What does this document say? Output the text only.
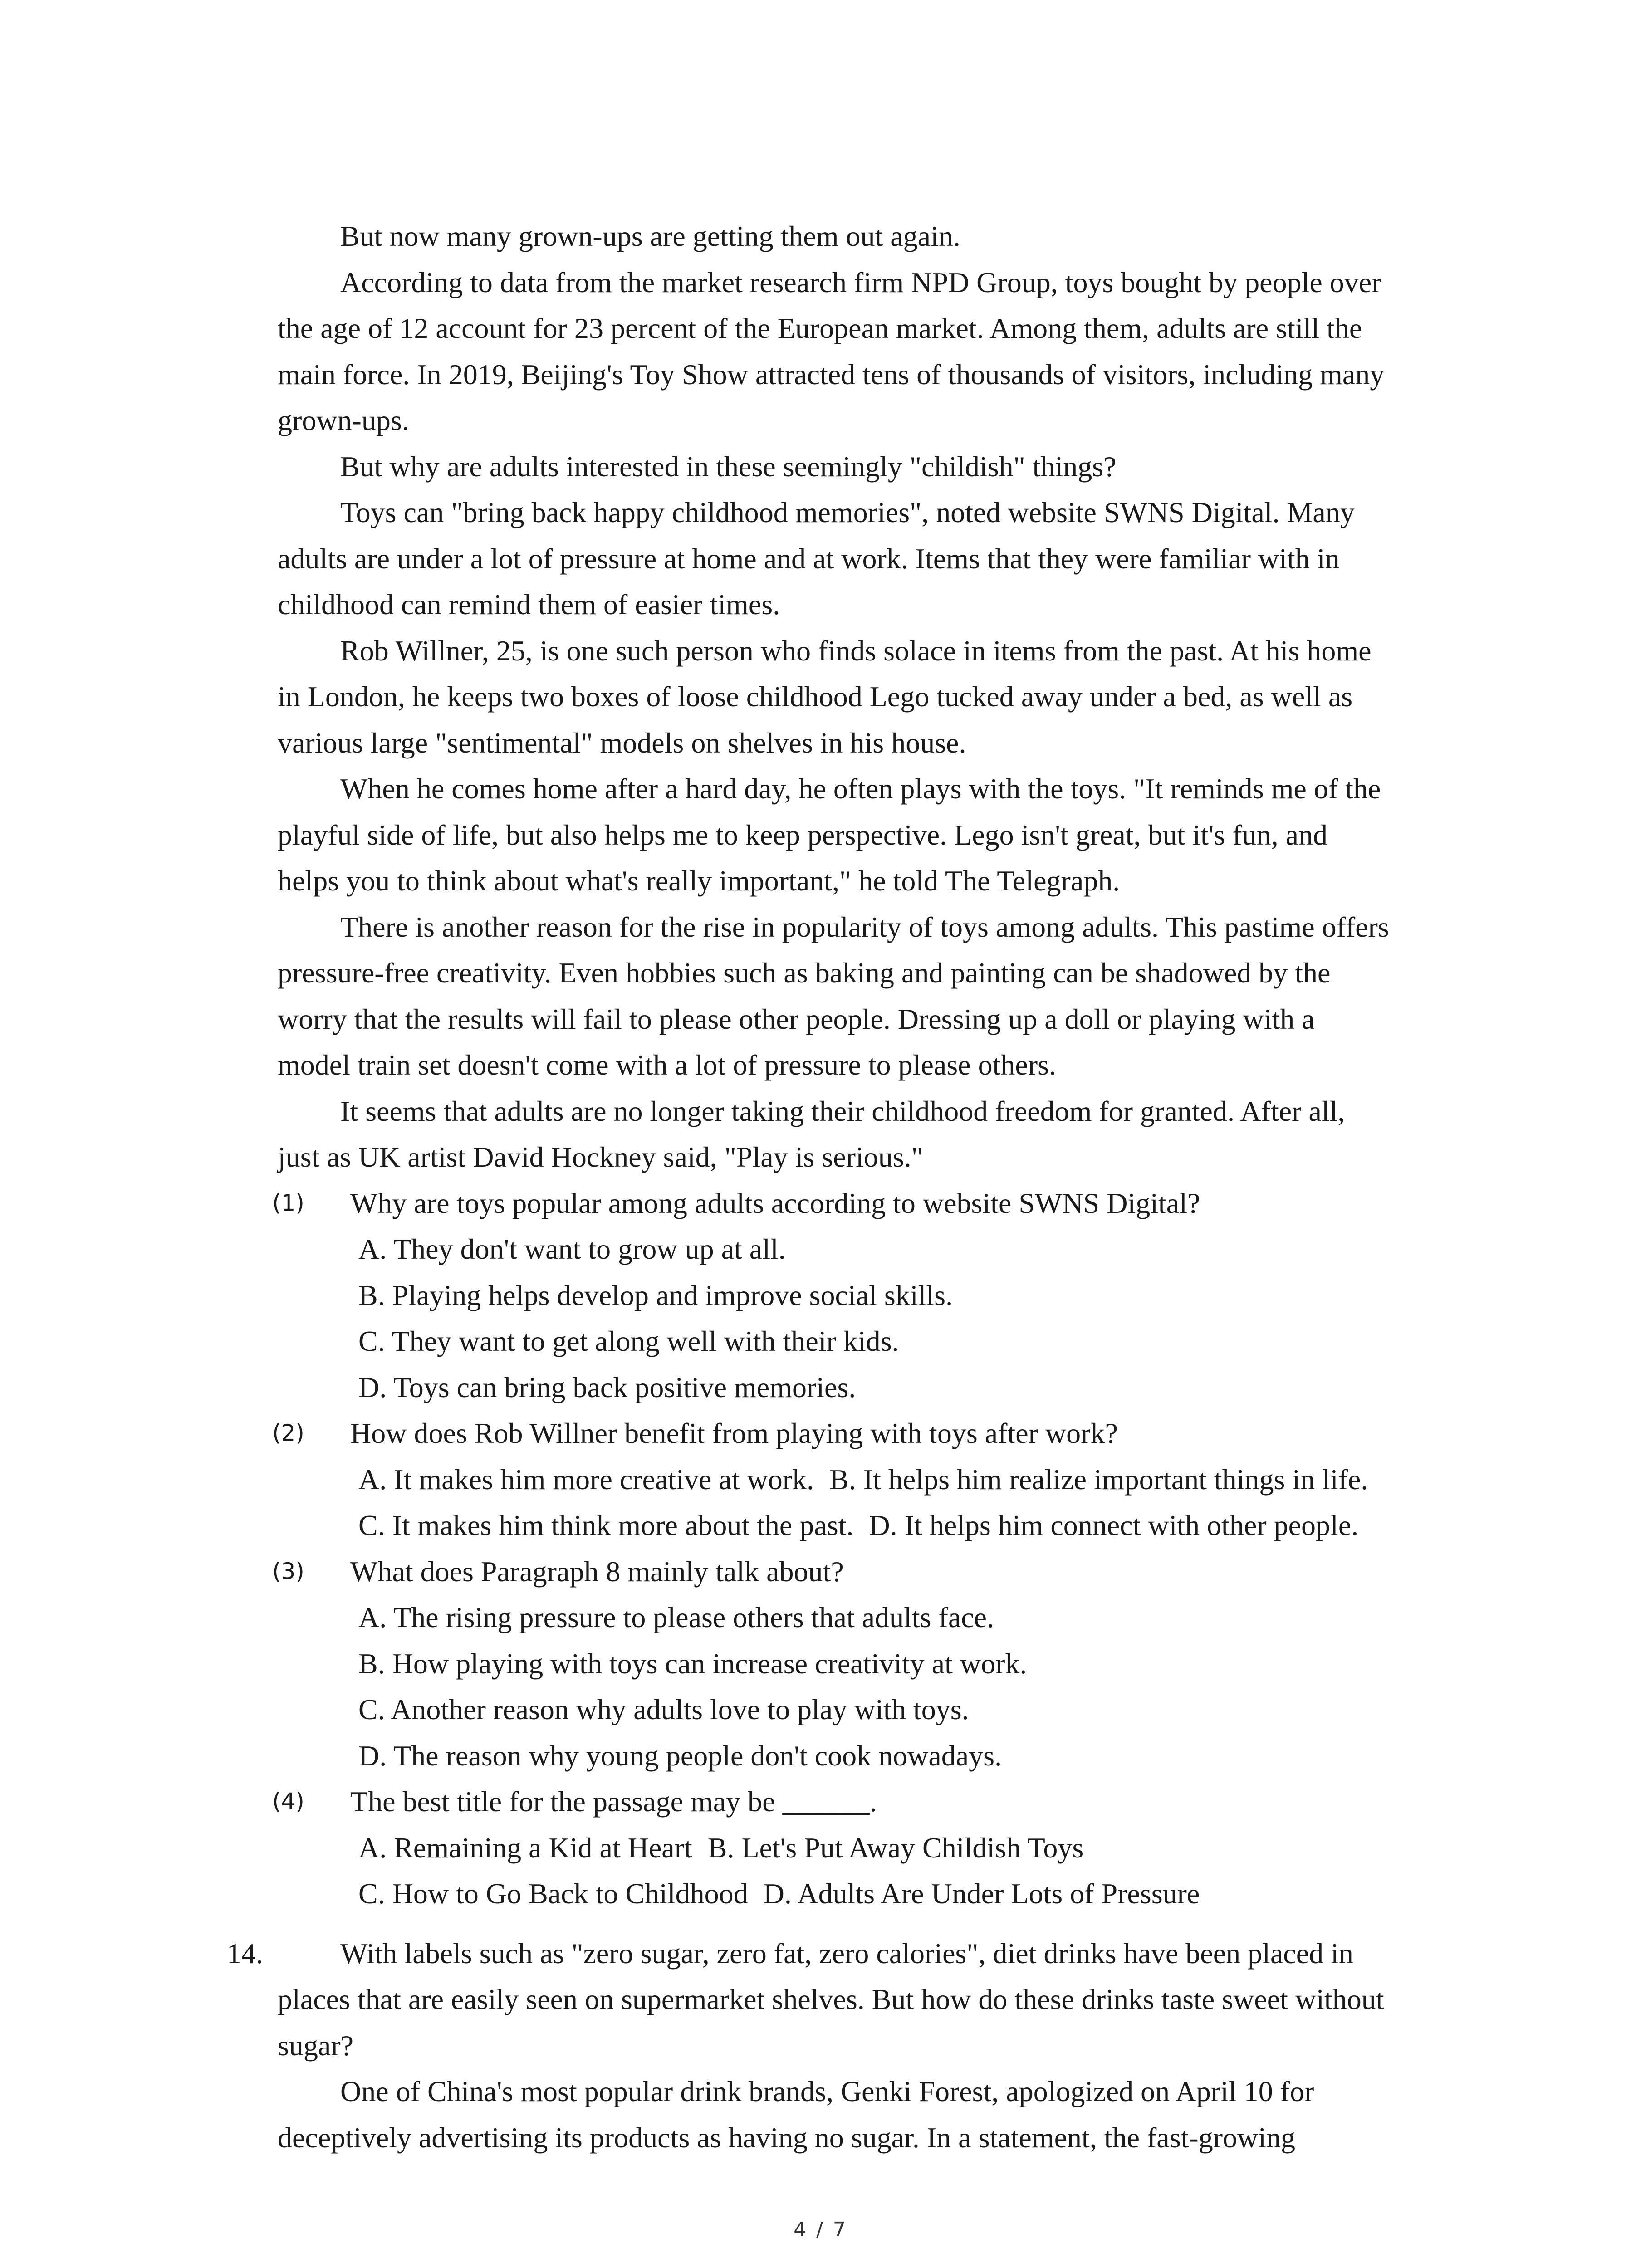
But now many grown-ups are getting them out again.
According to data from the market research firm NPD Group, toys bought by people over
the age of 12 account for 23 percent of the European market. Among them, adults are still the
main force. In 2019, Beijing's Toy Show attracted tens of thousands of visitors, including many
grown-ups.
But why are adults interested in these seemingly "childish" things?
Toys can "bring back happy childhood memories", noted website SWNS Digital. Many
adults are under a lot of pressure at home and at work. Items that they were familiar with in
childhood can remind them of easier times.
Rob Willner, 25, is one such person who finds solace in items from the past. At his home
in London, he keeps two boxes of loose childhood Lego tucked away under a bed, as well as
various large "sentimental" models on shelves in his house.
When he comes home after a hard day, he often plays with the toys. "It reminds me of the
playful side of life, but also helps me to keep perspective. Lego isn't great, but it's fun, and
helps you to think about what's really important," he told The Telegraph.
There is another reason for the rise in popularity of toys among adults. This pastime offers
pressure-free creativity. Even hobbies such as baking and painting can be shadowed by the
worry that the results will fail to please other people. Dressing up a doll or playing with a
model train set doesn't come with a lot of pressure to please others.
It seems that adults are no longer taking their childhood freedom for granted. After all,
just as UK artist David Hockney said, "Play is serious."
(1) Why are toys popular among adults according to website SWNS Digital?
A. They don't want to grow up at all.
B. Playing helps develop and improve social skills.
C. They want to get along well with their kids.
D. Toys can bring back positive memories.
(2) How does Rob Willner benefit from playing with toys after work?
A. It makes him more creative at work. B. It helps him realize important things in life.
C. It makes him think more about the past. D. It helps him connect with other people.
(3) What does Paragraph 8 mainly talk about?
A. The rising pressure to please others that adults face.
B. How playing with toys can increase creativity at work.
C. Another reason why adults love to play with toys.
D. The reason why young people don't cook nowadays.
(4) The best title for the passage may be ______.
A. Remaining a Kid at Heart B. Let's Put Away Childish Toys
C. How to Go Back to Childhood D. Adults Are Under Lots of Pressure
14.	With labels such as "zero sugar, zero fat, zero calories", diet drinks have been placed in
places that are easily seen on supermarket shelves. But how do these drinks taste sweet without
sugar?
One of China's most popular drink brands, Genki Forest, apologized on April 10 for
deceptively advertising its products as having no sugar. In a statement, the fast-growing
4 / 7
